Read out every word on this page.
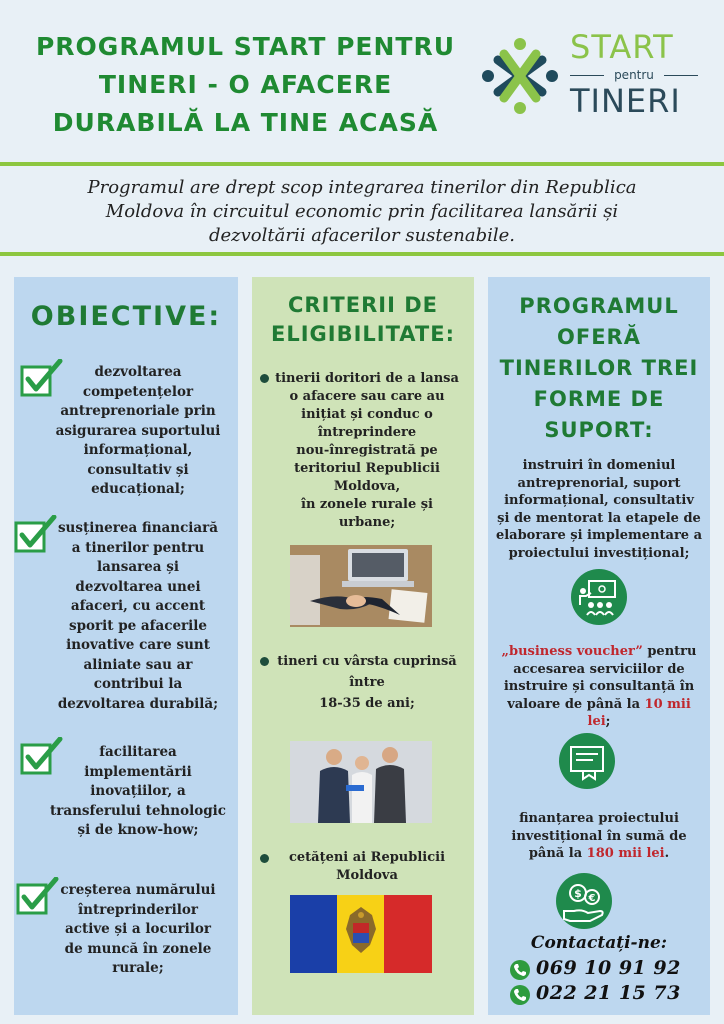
PROGRAMUL START PENTRU
TINERI - O AFACERE
DURABILĂ LA TINE ACASĂ
START
pentru
TINERI
Programul are drept scop integrarea tinerilor din Republica
Moldova în circuitul economic prin facilitarea lansării și
dezvoltării afacerilor sustenabile.
OBIECTIVE:
dezvoltarea
competențelor
antreprenoriale prin
asigurarea suportului
informațional,
consultativ și
educațional;
susținerea financiară
a tinerilor pentru
lansarea și
dezvoltarea unei
afaceri, cu accent
sporit pe afacerile
inovative care sunt
aliniate sau ar
contribui la
dezvoltarea durabilă;
facilitarea
implementării
inovațiilor, a
transferului tehnologic
și de know-how;
creșterea numărului
întreprinderilor
active și a locurilor
de muncă în zonele
rurale;
CRITERII DE
ELIGIBILITATE:
tinerii doritori de a lansa
o afacere sau care au
inițiat și conduc o
întreprindere
nou-înregistrată pe
teritoriul Republicii
Moldova,
în zonele rurale și
urbane;
tineri cu vârsta cuprinsă
între
18-35 de ani;
cetățeni ai Republicii
Moldova
PROGRAMUL
OFERĂ
TINERILOR TREI
FORME DE
SUPORT:
instruiri în domeniul
antreprenorial, suport
informațional, consultativ
și de mentorat la etapele de
elaborare și implementare a
proiectului investițional;
„business voucher” pentru
accesarea serviciilor de
instruire și consultanță în
valoare de până la 10 mii
lei;
finanțarea proiectului
investițional în sumă de
până la 180 mii lei.
$ €
Contactați-ne:
069 10 91 92
022 21 15 73
